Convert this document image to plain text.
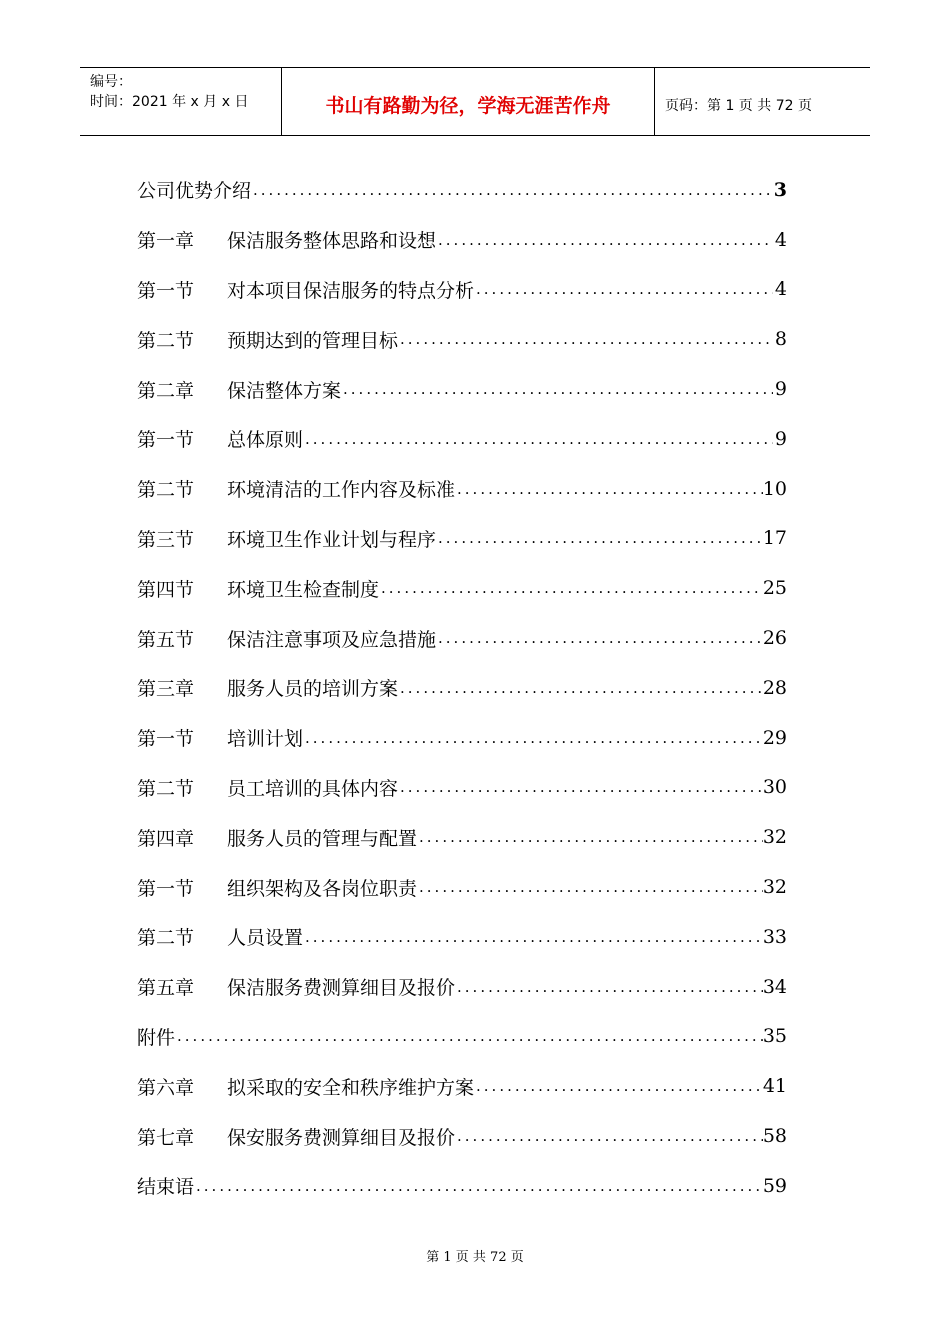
编号：
时间：2021 年 x 月 x 日	书山有路勤为径，学海无涯苦作舟	页码：第 1 页 共 72 页
公司优势介绍 .....	3
第一章	保洁服务整体思路和设想 .....	4
第一节	对本项目保洁服务的特点分析 .....	4
第二节	预期达到的管理目标 .....	8
第二章	保洁整体方案 .....	9
第一节	总体原则 .....	9
第二节	环境清洁的工作内容及标准 .....	10
第三节	环境卫生作业计划与程序 .....	17
第四节	环境卫生检查制度 .....	25
第五节	保洁注意事项及应急措施 .....	26
第三章	服务人员的培训方案 .....	28
第一节	培训计划 .....	29
第二节	员工培训的具体内容 .....	30
第四章	服务人员的管理与配置 .....	32
第一节	组织架构及各岗位职责 .....	32
第二节	人员设置 .....	33
第五章	保洁服务费测算细目及报价 .....	34
附件 .....	35
第六章	拟采取的安全和秩序维护方案 .....	41
第七章	保安服务费测算细目及报价 .....	58
结束语 .....	59
第 1 页 共 72 页
